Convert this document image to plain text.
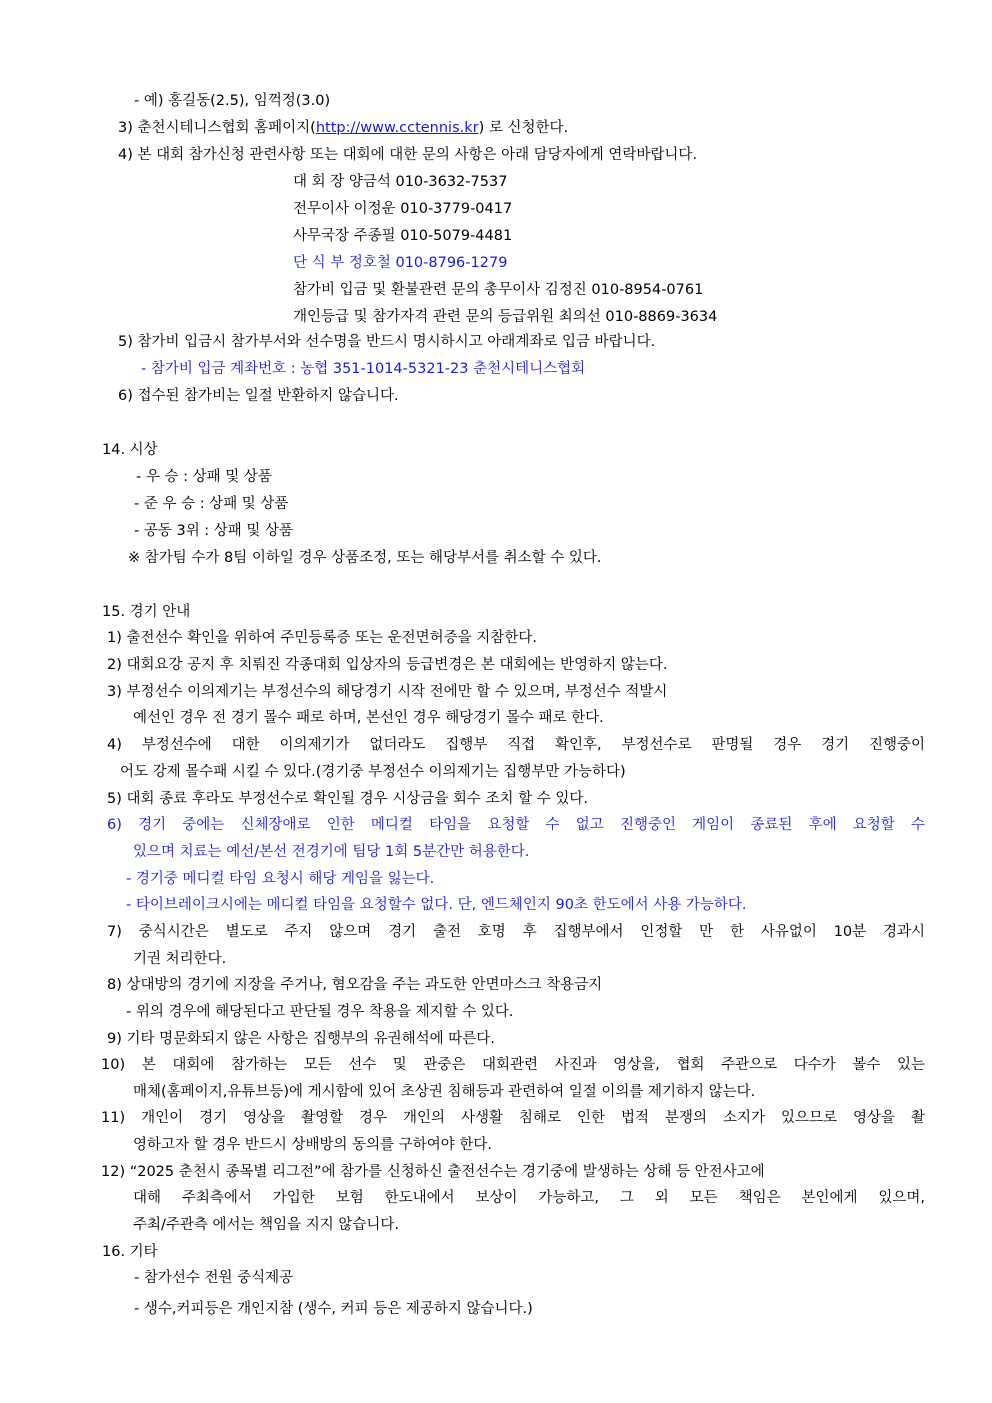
- 예) 홍길동(2.5), 임꺽정(3.0)
3) 춘천시테니스협회 홈페이지(http://www.cctennis.kr) 로 신청한다.
4) 본 대회 참가신청 관련사항 또는 대회에 대한 문의 사항은 아래 담당자에게 연락바랍니다.
대 회 장 양금석 010-3632-7537
전무이사 이정운 010-3779-0417
사무국장 주종필 010-5079-4481
단 식 부 정호철 010-8796-1279
참가비 입금 및 환불관련 문의 총무이사 김정진 010-8954-0761
개인등급 및 참가자격 관련 문의 등급위원 최의선 010-8869-3634
5) 참가비 입금시 참가부서와 선수명을 반드시 명시하시고 아래계좌로 입금 바랍니다.
- 참가비 입금 계좌번호 : 농협 351-1014-5321-23 춘천시테니스협회
6) 접수된 참가비는 일절 반환하지 않습니다.
14. 시상
- 우 승 : 상패 및 상품
- 준 우 승 : 상패 및 상품
- 공동 3위 : 상패 및 상품
※ 참가팀 수가 8팀 이하일 경우 상품조정, 또는 해당부서를 취소할 수 있다.
15. 경기 안내
1) 출전선수 확인을 위하여 주민등록증 또는 운전면허증을 지참한다.
2) 대회요강 공지 후 치뤄진 각종대회 입상자의 등급변경은 본 대회에는 반영하지 않는다.
3) 부정선수 이의제기는 부정선수의 해당경기 시작 전에만 할 수 있으며, 부정선수 적발시
예선인 경우 전 경기 몰수 패로 하며, 본선인 경우 해당경기 몰수 패로 한다.
4) 부정선수에 대한 이의제기가 없더라도 집행부 직접 확인후, 부정선수로 판명될 경우 경기 진행중이
어도 강제 몰수패 시킬 수 있다.(경기중 부정선수 이의제기는 집행부만 가능하다)
5) 대회 종료 후라도 부정선수로 확인될 경우 시상금을 회수 조치 할 수 있다.
6) 경기 중에는 신체장애로 인한 메디컬 타임을 요청할 수 없고 진행중인 게임이 종료된 후에 요청할 수
있으며 치료는 예선/본선 전경기에 팀당 1회 5분간만 허용한다.
- 경기중 메디컬 타임 요청시 해당 게임을 잃는다.
- 타이브레이크시에는 메디컬 타임을 요청할수 없다. 단, 엔드체인지 90초 한도에서 사용 가능하다.
7) 중식시간은 별도로 주지 않으며 경기 출전 호명 후 집행부에서 인정할 만 한 사유없이 10분 경과시
기권 처리한다.
8) 상대방의 경기에 지장을 주거나, 혐오감을 주는 과도한 안면마스크 착용금지
- 위의 경우에 해당된다고 판단될 경우 착용을 제지할 수 있다.
9) 기타 명문화되지 않은 사항은 집행부의 유권해석에 따른다.
10) 본 대회에 참가하는 모든 선수 및 관중은 대회관련 사진과 영상을, 협회 주관으로 다수가 볼수 있는
매체(홈페이지,유튜브등)에 게시함에 있어 초상권 침해등과 관련하여 일절 이의를 제기하지 않는다.
11) 개인이 경기 영상을 촬영할 경우 개인의 사생활 침해로 인한 법적 분쟁의 소지가 있으므로 영상을 촬
영하고자 할 경우 반드시 상배방의 동의를 구하여야 한다.
12) “2025 춘천시 종목별 리그전”에 참가를 신청하신 출전선수는 경기중에 발생하는 상해 등 안전사고에
대해 주최측에서 가입한 보험 한도내에서 보상이 가능하고, 그 외 모든 책임은 본인에게 있으며,
주최/주관측 에서는 책임을 지지 않습니다.
16. 기타
- 참가선수 전원 중식제공
- 생수,커피등은 개인지참 (생수, 커피 등은 제공하지 않습니다.)
